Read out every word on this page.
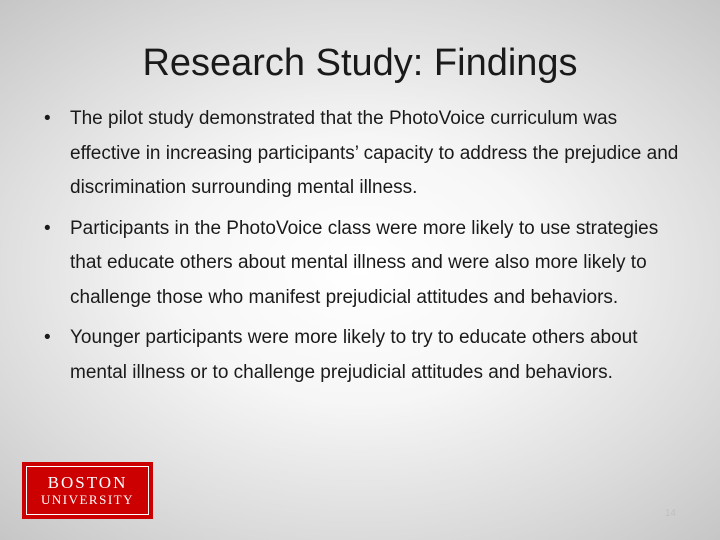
Research Study: Findings
• The pilot study demonstrated that the PhotoVoice curriculum was effective in increasing participants’ capacity to address the prejudice and discrimination surrounding mental illness.
• Participants in the PhotoVoice class were more likely to use strategies that educate others about mental illness and were also more likely to challenge those who manifest prejudicial attitudes and behaviors.
• Younger participants were more likely to try to educate others about mental illness or to challenge prejudicial attitudes and behaviors.
BOSTON
UNIVERSITY
14
